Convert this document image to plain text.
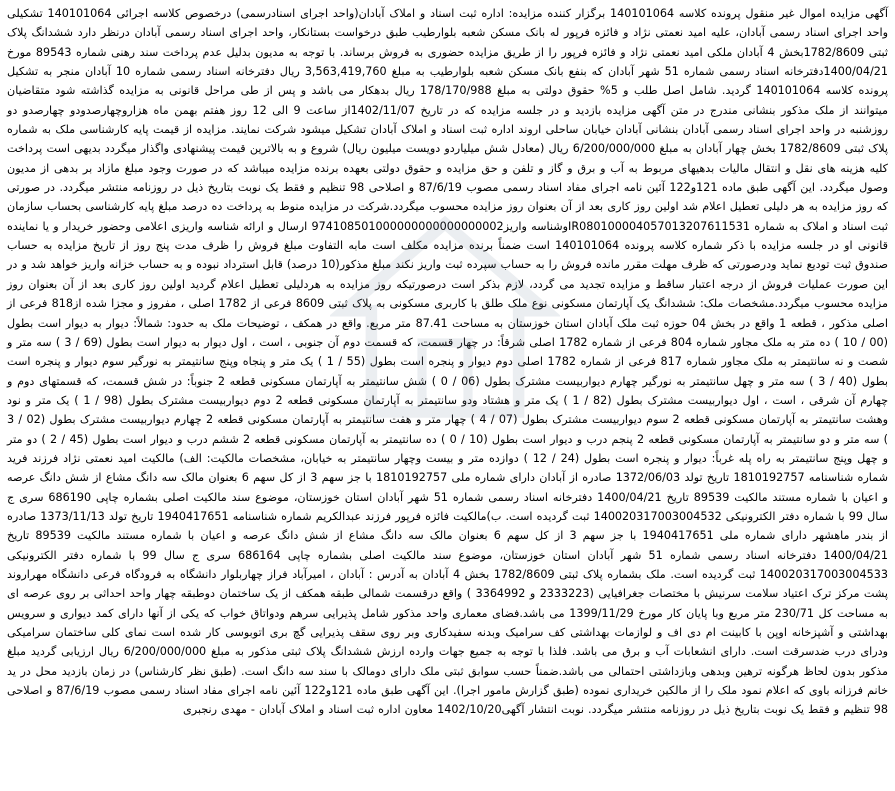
آگهی مزایده اموال غیر منقول پرونده کلاسه 140101064 برگزار کننده مزایده: اداره ثبت اسناد و املاک آبادان(واحد اجرای اسنادرسمی) درخصوص کلاسه اجرائی 140101064 تشکیلی واحد اجرای اسناد رسمی آبادان، علیه امید نعمتی نژاد و فائزه فرپور له بانک مسکن شعبه بلوارطیب طبق درخواست بستانکار، واحد اجرای اسناد رسمی آبادان درنظر دارد ششدانگ پلاک ثبتی 1782/8609بخش 4 آبادان ملکی امید نعمتی نژاد و فائزه فرپور را از طریق مزایده حضوری به فروش برساند. با توجه به مدیون بدلیل عدم پرداخت سند رهنی شماره 89543 مورخ 1400/04/21دفترخانه اسناد رسمی شماره 51 شهر آبادان که بنفع بانک مسکن شعبه بلوارطیب به مبلغ 3,563,419,760 ریال دفترخانه اسناد رسمی شماره 10 آبادان منجر به تشکیل پرونده کلاسه 140101064 گردید. شامل اصل طلب و 5% حقوق دولتی به مبلغ 178/170/988 ریال بدهکار می باشد و پس از طی مراحل قانونی به مزایده گذاشته شود متقاضیان میتوانند از ملک مذکور بنشانی مندرج در متن آگهی مزایده بازدید و در جلسه مزایده که در تاریخ 1402/11/07از ساعت 9 الی 12 روز هفتم بهمن ماه هزاروچهارصدودو چهارصدو دو روزشنبه در واحد اجرای اسناد رسمی آبادان بنشانی آبادان خیابان ساحلی اروند اداره ثبت اسناد و املاک آبادان تشکیل میشود شرکت نمایند. مزایده از قیمت پایه کارشناسی ملک به شماره پلاک ثبتی 1782/8609 بخش چهار آبادان به مبلغ 6/200/000/000 ریال (معادل شش میلیاردو دویست میلیون ریال) شروع و به بالاترین قیمت پیشنهادی واگذار میگردد بدیهی است پرداخت کلیه هزینه های نقل و انتقال مالیات بدهیهای مربوط به آب و برق و گاز و تلفن و حق مزایده و حقوق دولتی بعهده برنده مزایده میباشد که در صورت وجود مبلغ مازاد بر بدهی از مدیون وصول میگردد. این آگهی طبق ماده 121و122 آئین نامه اجرای مفاد اسناد رسمی مصوب 87/6/19 و اصلاحی 98 تنظیم و فقط یک نوبت بتاریخ ذیل در روزنامه منتشر میگردد. در صورتی که روز مزایده به هر دلیلی تعطیل اعلام شد اولین روز کاری بعد از آن بعنوان روز مزایده محسوب میگردد.شرکت در مزایده منوط به پرداخت ده درصد مبلغ پایه کارشناسی بحساب سازمان ثبت اسناد و املاک به شماره IR080100004057013207611531وشناسه واریز974108501000000000000000002 ارسال و ارائه شناسه واریزی اعلامی وحضور خریدار و یا نماینده قانونی او در جلسه مزایده با ذکر شماره کلاسه پرونده 140101064 است ضمناً برنده مزایده مکلف است مابه التفاوت مبلغ فروش را ظرف مدت پنج روز از تاریخ مزایده به حساب صندوق ثبت تودیع نماید ودرصورتی که ظرف مهلت مقرر مانده فروش را به حساب سپرده ثبت واریز نکند مبلغ مذکور(10 درصد) قابل استرداد نبوده و به حساب خزانه واریز خواهد شد و در این صورت عملیات فروش از درجه اعتبار ساقط و مزایده تجدید می گردد، لازم بذکر است درصورتیکه روز مزایده به هردلیلی تعطیل اعلام گردید اولین روز کاری بعد از آن بعنوان روز مزایده محسوب میگردد.مشخصات ملک: ششدانگ یک آپارتمان مسکونی نوع ملک طلق با کاربری مسکونی به پلاک ثبتی 8609 فرعی از 1782 اصلی ، مفروز و مجزا شده از818 فرعی از اصلی مذکور ، قطعه 1 واقع در بخش 04 حوزه ثبت ملک آبادان استان خوزستان به مساحت 87.41 متر مربع. واقع در همکف ، توضیحات ملک به حدود: شمالاً: دیوار به دیوار است بطول (00 / 10 ) ده متر به ملک مجاور شماره 804 فرعی از شماره 1782 اصلی شرقاً: در چهار قسمت، که قسمت دوم آن جنوبی ، است ، اول دیوار به دیوار است بطول (69 / 3 ) سه متر و شصت و نه سانتیمتر به ملک مجاور شماره 817 فرعی از شماره 1782 اصلی دوم دیوار و پنجره است بطول (55 / 1 ) یک متر و پنجاه وپنج سانتیمتر به نورگیر سوم دیوار و پنجره است بطول (40 / 3 ) سه متر و چهل سانتیمتر به نورگیر چهارم دیواربیست مشترک بطول (06 / 0 ) شش سانتیمتر به آپارتمان مسکونی قطعه 2 جنوباً: در شش قسمت، که قسمتهای دوم و چهارم آن شرقی ، است ، اول دیواربیست مشترک بطول (82 / 1 ) یک متر و هشتاد ودو سانتیمتر به آپارتمان مسکونی قطعه 2 دوم دیواربیست مشترک بطول (98 / 1 ) یک متر و نود وهشت سانتیمتر به آپارتمان مسکونی قطعه 2 سوم دیواربیست مشترک بطول (07 / 4 ) چهار متر و هفت سانتیمتر به آپارتمان مسکونی قطعه 2 چهارم دیواربیست مشترک بطول (02 / 3 ) سه متر و دو سانتیمتر به آپارتمان مسکونی قطعه 2 پنجم درب و دیوار است بطول (10 / 0 ) ده سانتیمتر به آپارتمان مسکونی قطعه 2 ششم درب و دیوار است بطول (45 / 2 ) دو متر و چهل وپنج سانتیمتر به راه پله غرباً: دیوار و پنجره است بطول (24 / 12 ) دوازده متر و بیست وچهار سانتیمتر به خیابان، مشخصات مالکیت: الف) مالکیت امید نعمتی نژاد فرزند فرید شماره شناسنامه 1810192757 تاریخ تولد 1372/06/03 صادره از آبادان دارای شماره ملی 1810192757 با جز سهم 3 از کل سهم 6 بعنوان مالک سه دانگ مشاع از شش دانگ عرصه و اعیان با شماره مستند مالکیت 89539 تاریخ 1400/04/21 دفترخانه اسناد رسمی شماره 51 شهر آبادان استان خوزستان، موضوع سند مالکیت اصلی بشماره چاپی 686190 سری ج سال 99 با شماره دفتر الکترونیکی 140020317003004532 ثبت گردیده است. ب)مالکیت فائزه فرپور فرزند عبدالکریم شماره شناسنامه 1940417651 تاریخ تولد 1373/11/13 صادره از بندر ماهشهر دارای شماره ملی 1940417651 با جز سهم 3 از کل سهم 6 بعنوان مالک سه دانگ مشاع از شش دانگ عرصه و اعیان با شماره مستند مالکیت 89539 تاریخ 1400/04/21 دفترخانه اسناد رسمی شماره 51 شهر آبادان استان خوزستان، موضوع سند مالکیت اصلی بشماره چاپی 686164 سری ج سال 99 با شماره دفتر الکترونیکی 140020317003004533 ثبت گردیده است. ملک بشماره پلاک ثبتی 1782/8609 بخش 4 آبادان به آدرس : آبادان ، امیرآباد فراز چهاربلوار دانشگاه به فرودگاه فرعی دانشگاه مهراروند پشت مرکز ترک اعتیاد سلامت سرنیش با مختصات جغرافیایی (2333223 و 3364992 ) واقع درقسمت شمالی طبقه همکف از یک ساختمان دوطبقه چهار واحد احداثی بر روی عرصه ای به مساحت کل 230/71 متر مربع وبا پایان کار مورخ 1399/11/29 می باشد.فضای معماری واحد مذکور شامل پذیرایی سرهم ودواتاق خواب که یکی از آنها دارای کمد دیواری و سرویس بهداشتی و آشپزخانه اوپن با کابینت ام دی اف و لوازمات بهداشتی کف سرامیک وبدنه سفیدکاری وبر روی سقف پذیرایی گچ بری اتوبوسی کار شده است نمای کلی ساختمان سرامیکی ودرای درب ضدسرقت است. دارای انشعابات آب و برق می باشد. فلذا با توجه به جمیع جهات وارده ارزش ششدانگ پلاک ثبتی مذکور به مبلغ 6/200/000/000 ریال ارزیابی گردید مبلغ مذکور بدون لحاظ هرگونه ترهین وبدهی وبازداشتی احتمالی می باشد.ضمناً حسب سوابق ثبتی ملک دارای دومالک با سند سه دانگ است. (طبق نظر کارشناس) در زمان بازدید محل در ید خانم فرزانه باوی که اعلام نمود ملک را از مالکین خریداری نموده (طبق گزارش مامور اجرا). این آگهی طبق ماده 121و122 آئین نامه اجرای مفاد اسناد رسمی مصوب 87/6/19 و اصلاحی 98 تنظیم و فقط یک نوبت بتاریخ ذیل در روزنامه منتشر میگردد. نوبت انتشار آگهی1402/10/20 معاون اداره ثبت اسناد و املاک آبادان - مهدی رنجبری
